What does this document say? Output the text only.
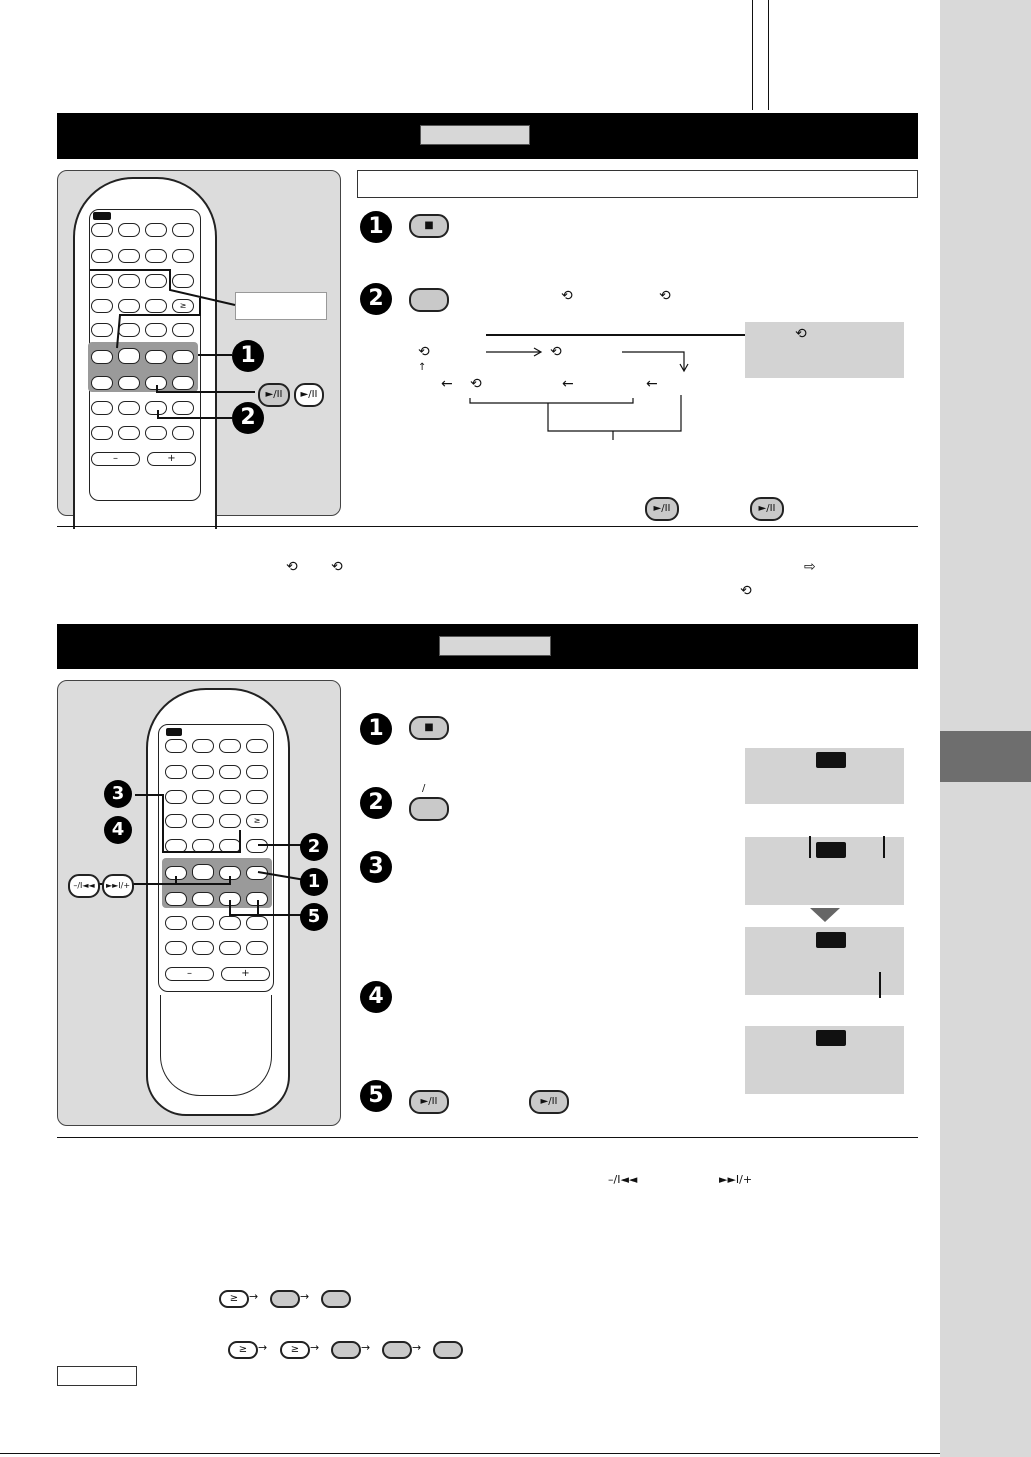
≥
–	+
1
2
►/II	►/II
1	■
2	⟲	⟲
⟲	⟲
⟲
↑
←	←	←
⟲
►/II	►/II
⟲ ⟲	⇨
⟲
≥
–	+
3
4
2
1
5
–/I◄◄	►►I/+
1	■
2
/
3
4
5	►/II	►/II
–/I◄◄	►►I/+
≥ →	→
≥ →	≥ →	→	→
